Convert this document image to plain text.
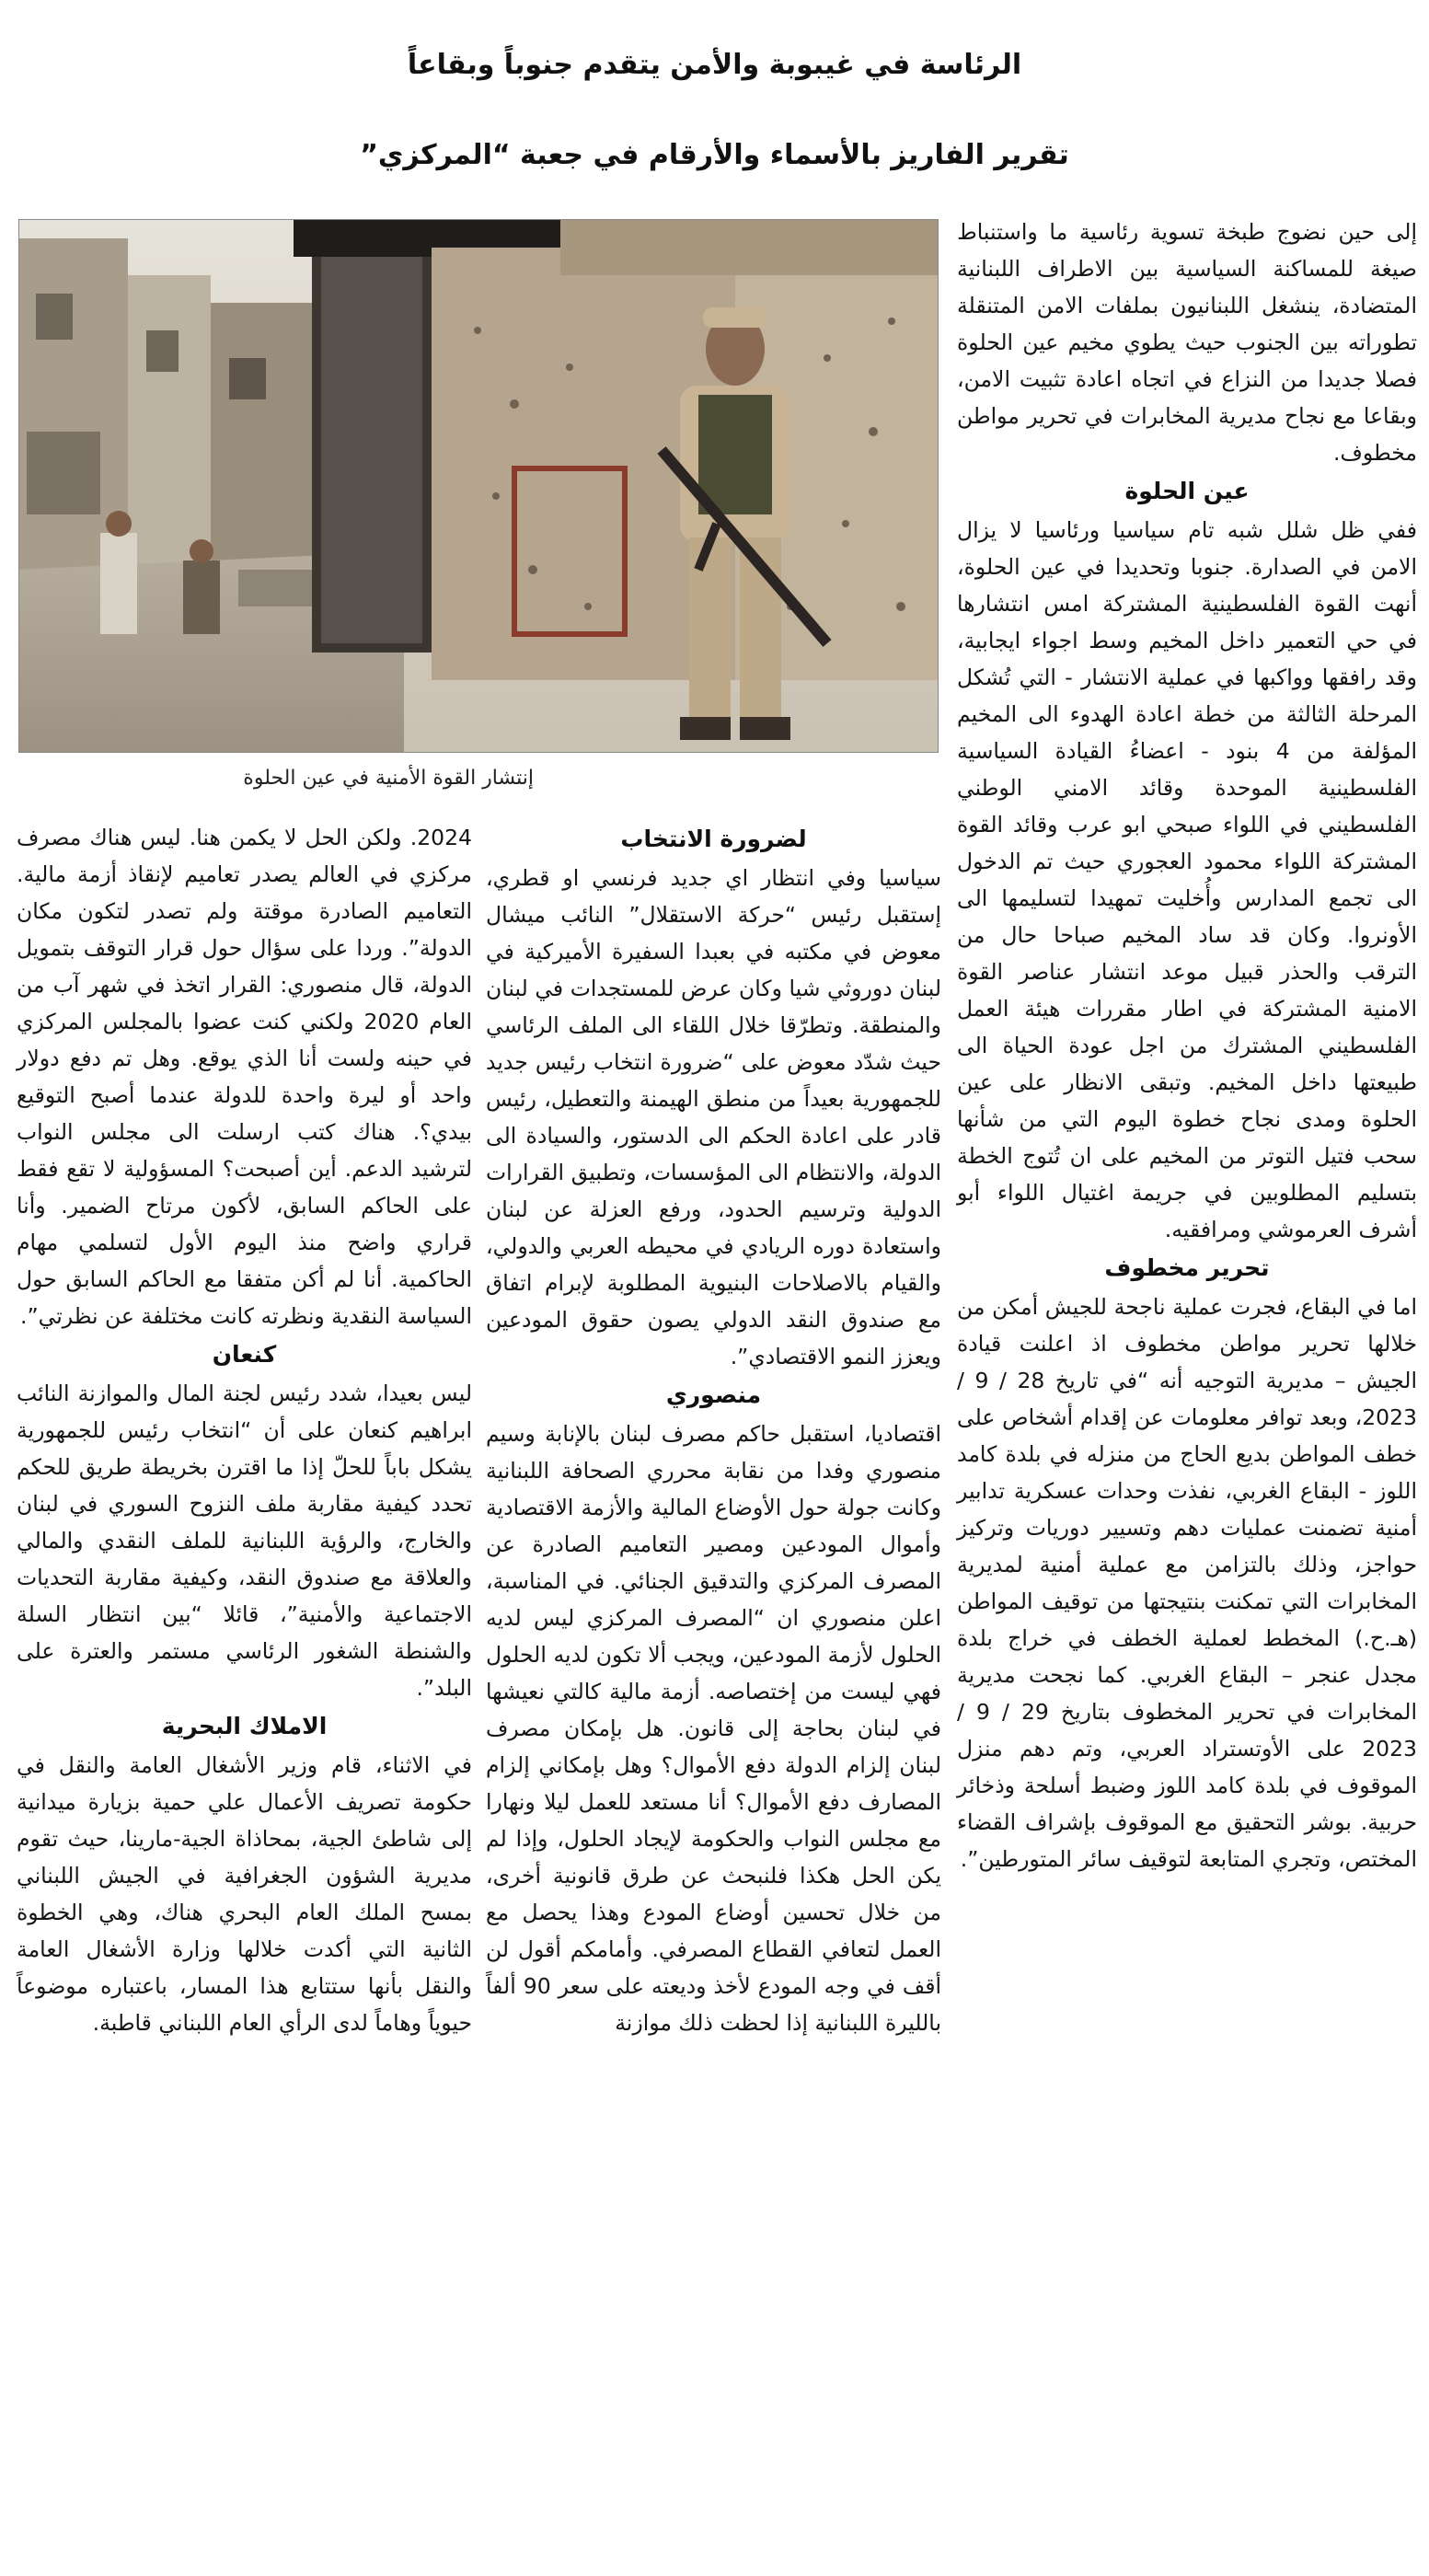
الرئاسة في غيبوبة والأمن يتقدم جنوباً وبقاعاً
تقرير الفاريز بالأسماء والأرقام في جعبة “المركزي”
إنتشار القوة الأمنية في عين الحلوة

إلى حين نضوج طبخة تسوية رئاسية ما واستنباط صيغة للمساكنة السياسية بين الاطراف اللبنانية المتضادة، ينشغل اللبنانيون بملفات الامن المتنقلة تطوراته بين الجنوب حيث يطوي مخيم عين الحلوة فصلا جديدا من النزاع في اتجاه اعادة تثبيت الامن، وبقاعا مع نجاح مديرية المخابرات في تحرير مواطن مخطوف.

عين الحلوة

ففي ظل شلل شبه تام سياسيا ورئاسيا لا يزال الامن في الصدارة. جنوبا وتحديدا في عين الحلوة، أنهت القوة الفلسطينية المشتركة امس انتشارها في حي التعمير داخل المخيم وسط اجواء ايجابية، وقد رافقها وواكبها في عملية الانتشار - التي تُشكل المرحلة الثالثة من خطة اعادة الهدوء الى المخيم المؤلفة من 4 بنود - اعضاءُ القيادة السياسية الفلسطينية الموحدة وقائد الامني الوطني الفلسطيني في اللواء صبحي ابو عرب وقائد القوة المشتركة اللواء محمود العجوري حيث تم الدخول الى تجمع المدارس وأُخليت تمهيدا لتسليمها الى الأونروا. وكان قد ساد المخيم صباحا حال من الترقب والحذر قبيل موعد انتشار عناصر القوة الامنية المشتركة في اطار مقررات هيئة العمل الفلسطيني المشترك من اجل عودة الحياة الى طبيعتها داخل المخيم. وتبقى الانظار على عين الحلوة ومدى نجاح خطوة اليوم التي من شأنها سحب فتيل التوتر من المخيم على ان تُتوج الخطة بتسليم المطلوبين في جريمة اغتيال اللواء أبو أشرف العرموشي ومرافقيه.

تحرير مخطوف

اما في البقاع، فجرت عملية ناجحة للجيش أمكن من خلالها تحرير مواطن مخطوف اذ اعلنت قيادة الجيش – مديرية التوجيه أنه “في تاريخ 28 / 9 / 2023، وبعد توافر معلومات عن إقدام أشخاص على خطف المواطن بديع الحاج من منزله في بلدة كامد اللوز - البقاع الغربي، نفذت وحدات عسكرية تدابير أمنية تضمنت عمليات دهم وتسيير دوريات وتركيز حواجز، وذلك بالتزامن مع عملية أمنية لمديرية المخابرات التي تمكنت بنتيجتها من توقيف المواطن (هـ.ح.) المخطط لعملية الخطف في خراج بلدة مجدل عنجر – البقاع الغربي. كما نجحت مديرية المخابرات في تحرير المخطوف بتاريخ 29 / 9 / 2023 على الأوتستراد العربي، وتم دهم منزل الموقوف في بلدة كامد اللوز وضبط أسلحة وذخائر حربية. بوشر التحقيق مع الموقوف بإشراف القضاء المختص، وتجري المتابعة لتوقيف سائر المتورطين”.

لضرورة الانتخاب

سياسيا وفي انتظار اي جديد فرنسي او قطري، إستقبل رئيس “حركة الاستقلال” النائب ميشال معوض في مكتبه في بعبدا السفيرة الأميركية في لبنان دوروثي شيا وكان عرض للمستجدات في لبنان والمنطقة. وتطرّقا خلال اللقاء الى الملف الرئاسي حيث شدّد معوض على “ضرورة انتخاب رئيس جديد للجمهورية بعيداً من منطق الهيمنة والتعطيل، رئيس قادر على اعادة الحكم الى الدستور، والسيادة الى الدولة، والانتظام الى المؤسسات، وتطبيق القرارات الدولية وترسيم الحدود، ورفع العزلة عن لبنان واستعادة دوره الريادي في محيطه العربي والدولي، والقيام بالاصلاحات البنيوية المطلوبة لإبرام اتفاق مع صندوق النقد الدولي يصون حقوق المودعين ويعزز النمو الاقتصادي”.

منصوري

اقتصاديا، استقبل حاكم مصرف لبنان بالإنابة وسيم منصوري وفدا من نقابة محرري الصحافة اللبنانية وكانت جولة حول الأوضاع المالية والأزمة الاقتصادية وأموال المودعين ومصير التعاميم الصادرة عن المصرف المركزي والتدقيق الجنائي. في المناسبة، اعلن منصوري ان “المصرف المركزي ليس لديه الحلول لأزمة المودعين، ويجب ألا تكون لديه الحلول فهي ليست من إختصاصه. أزمة مالية كالتي نعيشها في لبنان بحاجة إلى قانون. هل بإمكان مصرف لبنان إلزام الدولة دفع الأموال؟ وهل بإمكاني إلزام المصارف دفع الأموال؟ أنا مستعد للعمل ليلا ونهارا مع مجلس النواب والحكومة لإيجاد الحلول، وإذا لم يكن الحل هكذا فلنبحث عن طرق قانونية أخرى، من خلال تحسين أوضاع المودع وهذا يحصل مع العمل لتعافي القطاع المصرفي. وأمامكم أقول لن أقف في وجه المودع لأخذ وديعته على سعر 90 ألفاً بالليرة اللبنانية إذا لحظت ذلك موازنة

2024. ولكن الحل لا يكمن هنا. ليس هناك مصرف مركزي في العالم يصدر تعاميم لإنقاذ أزمة مالية. التعاميم الصادرة موقتة ولم تصدر لتكون مكان الدولة”. وردا على سؤال حول قرار التوقف بتمويل الدولة، قال منصوري: القرار اتخذ في شهر آب من العام 2020 ولكني كنت عضوا بالمجلس المركزي في حينه ولست أنا الذي يوقع. وهل تم دفع دولار واحد أو ليرة واحدة للدولة عندما أصبح التوقيع بيدي؟. هناك كتب ارسلت الى مجلس النواب لترشيد الدعم. أين أصبحت؟ المسؤولية لا تقع فقط على الحاكم السابق، لأكون مرتاح الضمير. وأنا قراري واضح منذ اليوم الأول لتسلمي مهام الحاكمية. أنا لم أكن متفقا مع الحاكم السابق حول السياسة النقدية ونظرته كانت مختلفة عن نظرتي”.

كنعان

ليس بعيدا، شدد رئيس لجنة المال والموازنة النائب ابراهيم كنعان على أن “انتخاب رئيس للجمهورية يشكل باباً للحلّ إذا ما اقترن بخريطة طريق للحكم تحدد كيفية مقاربة ملف النزوح السوري في لبنان والخارج، والرؤية اللبنانية للملف النقدي والمالي والعلاقة مع صندوق النقد، وكيفية مقاربة التحديات الاجتماعية والأمنية”، قائلا “بين انتظار السلة والشنطة الشغور الرئاسي مستمر والعترة على البلد”.

الاملاك البحرية

في الاثناء، قام وزير الأشغال العامة والنقل في حكومة تصريف الأعمال علي حمية بزيارة ميدانية إلى شاطئ الجية، بمحاذاة الجية-مارينا، حيث تقوم مديرية الشؤون الجغرافية في الجيش اللبناني بمسح الملك العام البحري هناك، وهي الخطوة الثانية التي أكدت خلالها وزارة الأشغال العامة والنقل بأنها ستتابع هذا المسار، باعتباره موضوعاً حيوياً وهاماً لدى الرأي العام اللبناني قاطبة.
